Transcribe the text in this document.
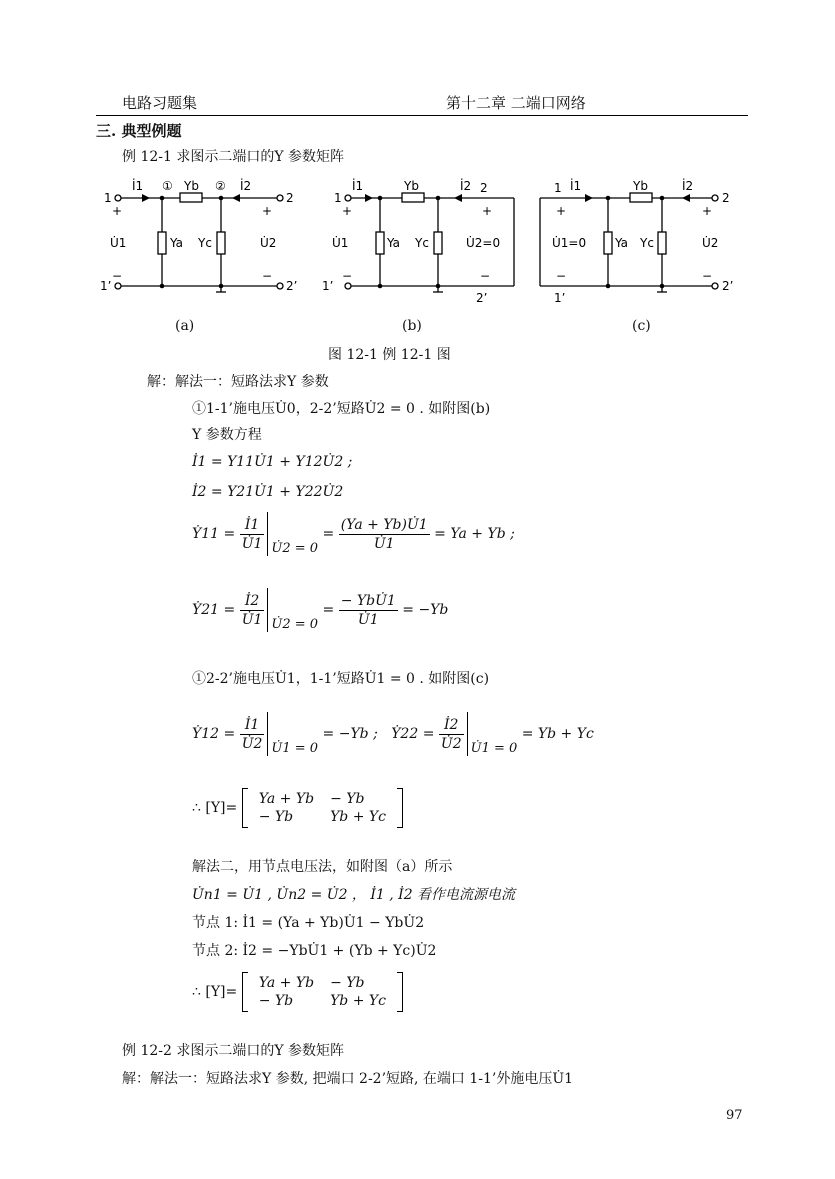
电路习题集	第十二章 二端口网络
三. 典型例题
例 12-1 求图示二端口的Y 参数矩阵
1
+
İ1 ① Yb ② İ2
2
+
U̇1	Ya Yc	U̇2
−	−
1’	2’
1
+
İ1	Yb	İ2 2
+
U̇1	Ya Yc	U̇2=0
−	−
1’
2’
1
+
İ1	Yb	İ2
2
+
U̇1=0 Ya Yc	U̇2
−	−
1’
2’
(a)	(b)	(c)
图 12-1 例 12-1 图
解：解法一：短路法求Y 参数
①1-1’施电压U̇0，2-2’短路U̇2 = 0 . 如附图(b)
Y 参数方程
İ1 = Y11U̇1 + Y12U̇2 ;
İ2 = Y21U̇1 + Y22U̇2
Ẏ11 = $\frac{İ1}{U̇1}$ U̇2 = $0 = \frac{(Ya + Yb)U̇1}{U̇1} = Ya + Yb$ ;
Ẏ21 = $\frac{İ2}{U̇1}$ U̇2 = 0 =
− YbU̇1
U̇1
= −Yb
①2-2’施电压U̇1，1-1’短路U̇1 = 0 . 如附图(c)
Ẏ12 = $\frac{İ1}{U̇2}$ U̇1 = 0 = −Yb ; Ẏ22 = $\frac{İ2}{U̇2}$ U̇1 = 0 = Yb + Yc
∴ [Y]=
Ya + Yb	− Yb
− Yb	Yb + Yc
解法二，用节点电压法，如附图（a）所示
U̇n1 = U̇1 , U̇n2 = U̇2 ， İ1 , İ2 看作电流源电流
节点 1: İ1 = (Ya + Yb)U̇1 − YbU̇2
节点 2: İ2 = −YbU̇1 + (Yb + Yc)U̇2
∴ [Y]=
Ya + Yb	− Yb
− Yb	Yb + Yc
例 12-2 求图示二端口的Y 参数矩阵
解：解法一：短路法求Y 参数, 把端口 2-2’短路, 在端口 1-1’外施电压U̇1
97
